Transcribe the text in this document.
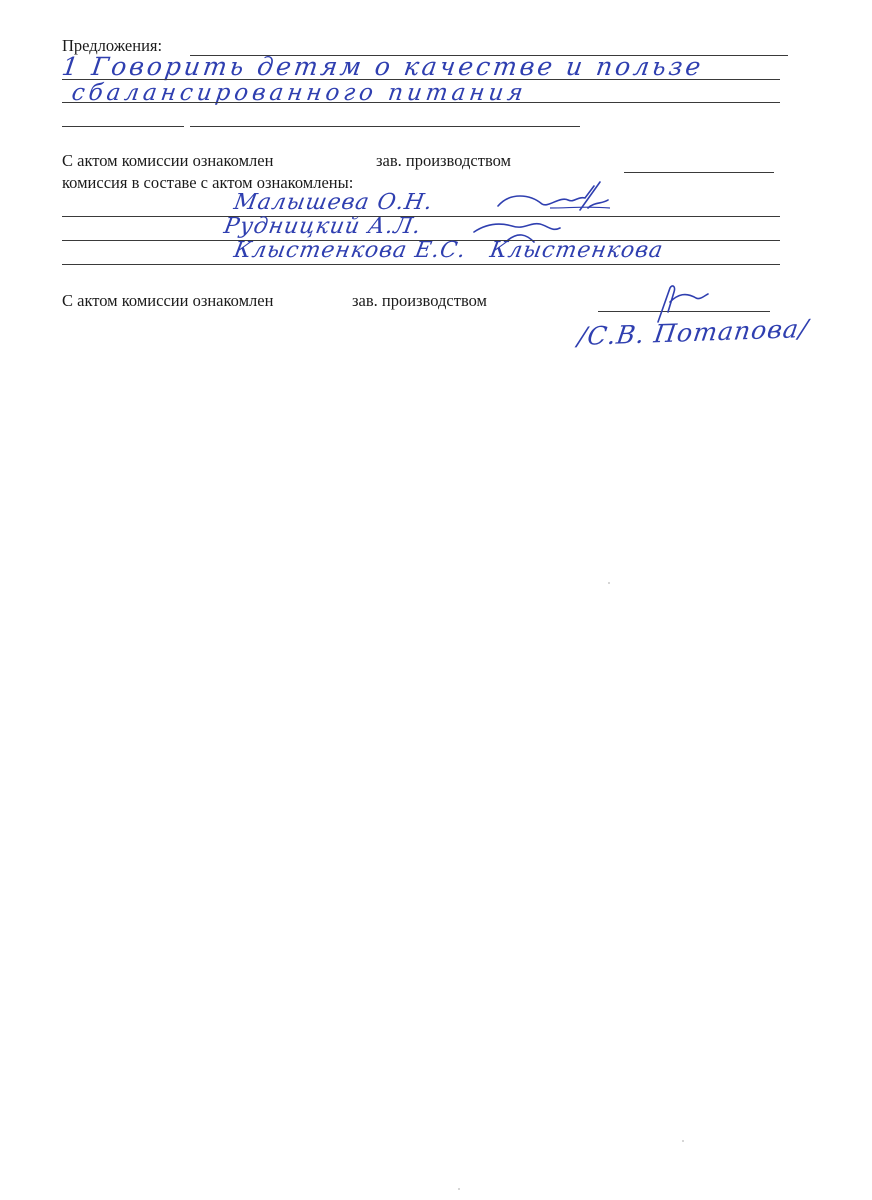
Предложения:
1 Говорить детям о качестве и пользе
сбалансированного питания
С актом комиссии ознакомлен	зав. производством
комиссия в составе с актом ознакомлены:
Малышева О.Н.
Рудницкий А.Л.
Клыстенкова Е.С. Клыстенкова
С актом комиссии ознакомлен	зав. производством
/С.В. Потапова/
